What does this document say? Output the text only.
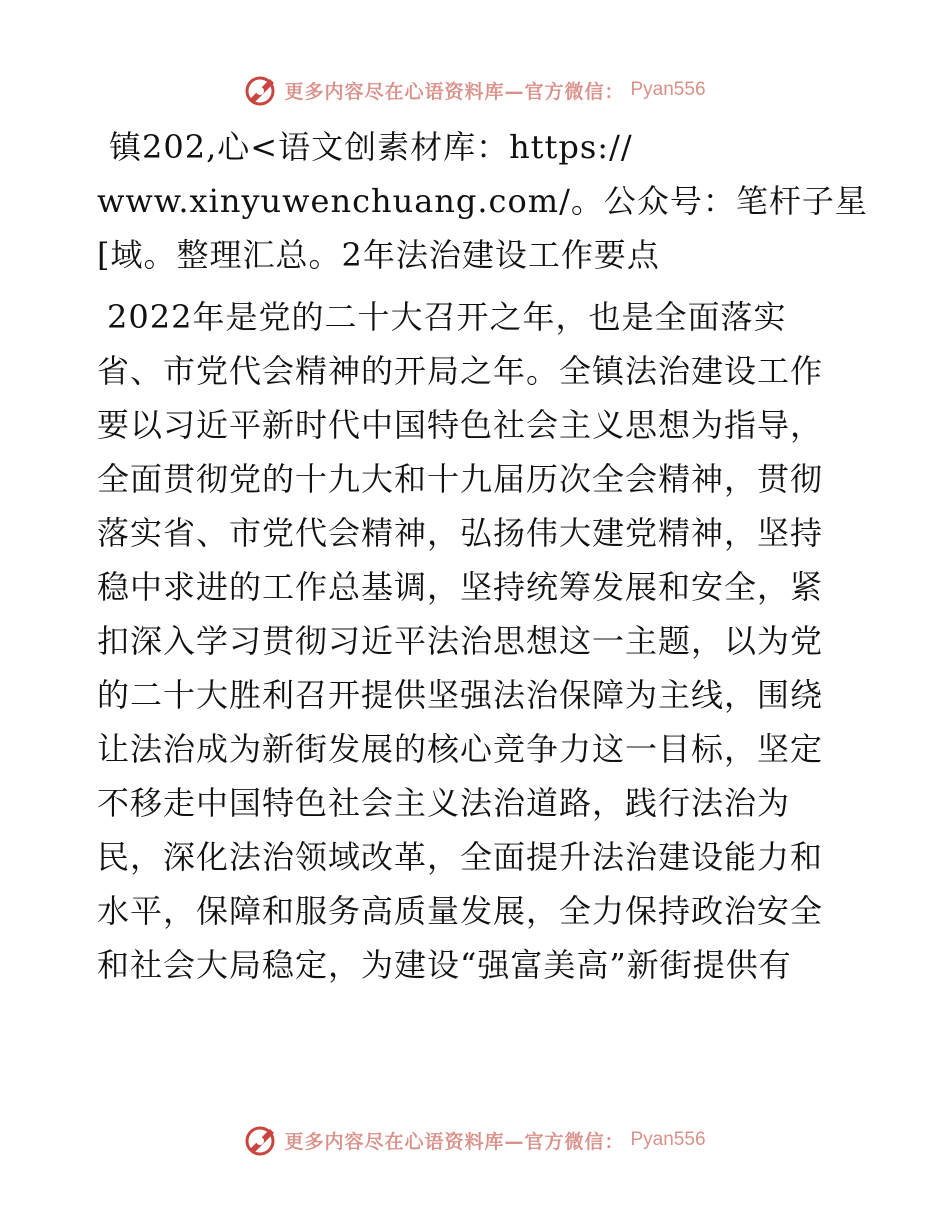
更多内容尽在心语资料库—官方微信： Pyan556
镇202,心<语文创素材库：https://
www.xinyuwenchuang.com/。公众号：笔杆子星
[域。整理汇总。2年法治建设工作要点
2022年是党的二十大召开之年，也是全面落实
省、市党代会精神的开局之年。全镇法治建设工作
要以习近平新时代中国特色社会主义思想为指导，
全面贯彻党的十九大和十九届历次全会精神，贯彻
落实省、市党代会精神，弘扬伟大建党精神，坚持
稳中求进的工作总基调，坚持统筹发展和安全，紧
扣深入学习贯彻习近平法治思想这一主题，以为党
的二十大胜利召开提供坚强法治保障为主线，围绕
让法治成为新街发展的核心竞争力这一目标，坚定
不移走中国特色社会主义法治道路，践行法治为
民，深化法治领域改革，全面提升法治建设能力和
水平，保障和服务高质量发展，全力保持政治安全
和社会大局稳定，为建设“强富美高”新街提供有
更多内容尽在心语资料库—官方微信： Pyan556
